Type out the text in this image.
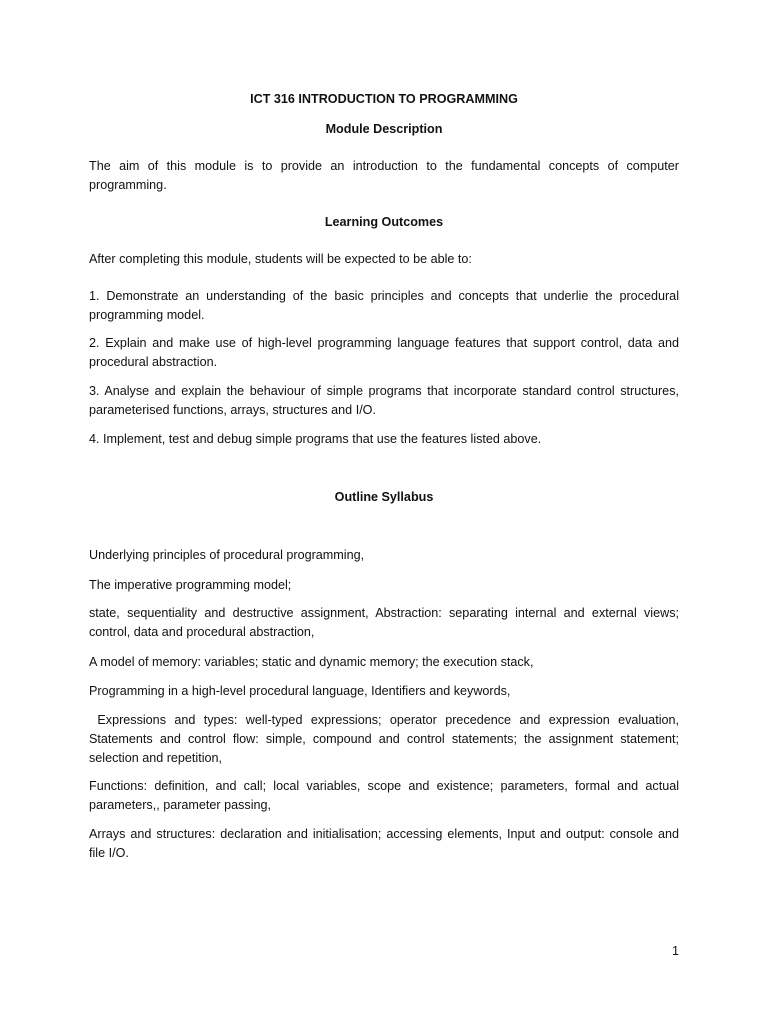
ICT 316 INTRODUCTION TO PROGRAMMING

Module Description

The aim of this module is to provide an introduction to the fundamental concepts of computer programming.

Learning Outcomes

After completing this module, students will be expected to be able to:

1. Demonstrate an understanding of the basic principles and concepts that underlie the procedural programming model.

2. Explain and make use of high-level programming language features that support control, data and procedural abstraction.

3. Analyse and explain the behaviour of simple programs that incorporate standard control structures, parameterised functions, arrays, structures and I/O.

4. Implement, test and debug simple programs that use the features listed above.

Outline Syllabus

Underlying principles of procedural programming,

The imperative programming model;

state, sequentiality and destructive assignment, Abstraction: separating internal and external views; control, data and procedural abstraction,

A model of memory: variables; static and dynamic memory; the execution stack,

Programming in a high-level procedural language, Identifiers and keywords,

Expressions and types: well-typed expressions; operator precedence and expression evaluation, Statements and control flow: simple, compound and control statements; the assignment statement; selection and repetition,

Functions: definition, and call; local variables, scope and existence; parameters, formal and actual parameters,, parameter passing,

Arrays and structures: declaration and initialisation; accessing elements, Input and output: console and file I/O.

1
